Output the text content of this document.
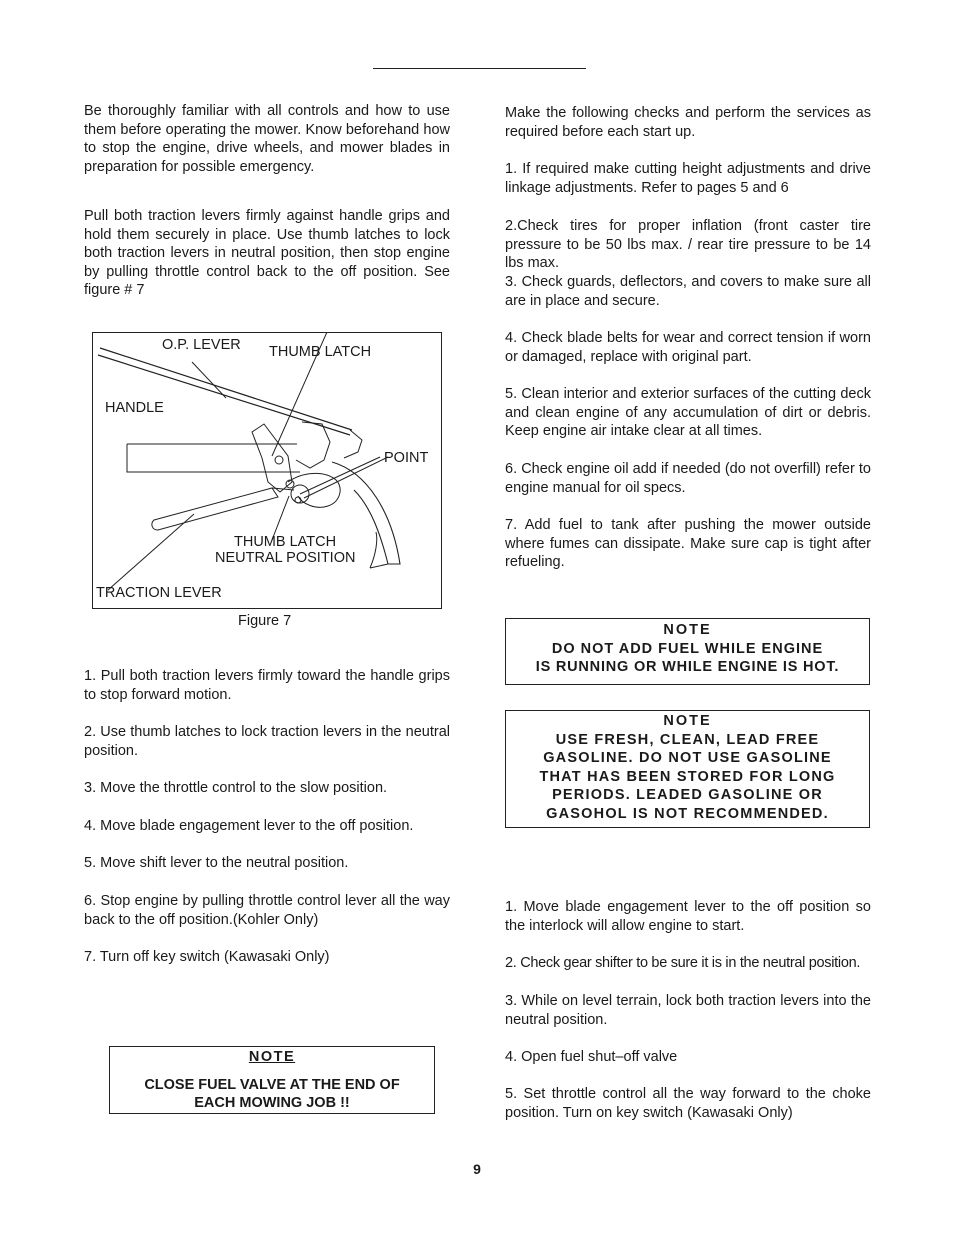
Be thoroughly familiar with all controls and how to use them before operating the mower. Know beforehand how to stop the engine, drive wheels, and mower blades in preparation for possible emergency.

Pull both traction levers firmly against handle grips and hold them securely in place. Use thumb latches to lock both traction levers in neutral position, then stop engine by pulling throttle control back to the off position. See figure # 7

O.P. LEVER THUMB LATCH
HANDLE
POINT
THUMB LATCH
NEUTRAL POSITION
TRACTION LEVER
Figure 7

1. Pull both traction levers firmly toward the handle grips to stop forward motion.

2. Use thumb latches to lock traction levers in the neutral position.

3. Move the throttle control to the slow position.

4. Move blade engagement lever to the off position.

5. Move shift lever to the neutral position.

6. Stop engine by pulling throttle control lever all the way back to the off position.(Kohler Only)

7. Turn off key switch (Kawasaki Only)

NOTE
CLOSE FUEL VALVE AT THE END OF EACH MOWING JOB !!

Make the following checks and perform the services as required before each start up.

1. If required make cutting height adjustments and drive linkage adjustments. Refer to pages 5 and 6

2.Check tires for proper inflation (front caster tire pressure to be 50 lbs max. / rear tire pressure to be 14 lbs max.

3. Check guards, deflectors, and covers to make sure all are in place and secure.

4. Check blade belts for wear and correct tension if worn or damaged, replace with original part.

5. Clean interior and exterior surfaces of the cutting deck and clean engine of any accumulation of dirt or debris. Keep engine air intake clear at all times.

6. Check engine oil add if needed (do not overfill) refer to engine manual for oil specs.

7. Add fuel to tank after pushing the mower outside where fumes can dissipate. Make sure cap is tight after refueling.

NOTE
DO NOT ADD FUEL WHILE ENGINE
IS RUNNING OR WHILE ENGINE IS HOT.
NOTE
USE FRESH, CLEAN, LEAD FREE
GASOLINE. DO NOT USE GASOLINE
THAT HAS BEEN STORED FOR LONG
PERIODS. LEADED GASOLINE OR
GASOHOL IS NOT RECOMMENDED.

1. Move blade engagement lever to the off position so the interlock will allow engine to start.

2. Check gear shifter to be sure it is in the neutral position.

3. While on level terrain, lock both traction levers into the neutral position.

4. Open fuel shut–off valve

5. Set throttle control all the way forward to the choke position. Turn on key switch (Kawasaki Only)

9
